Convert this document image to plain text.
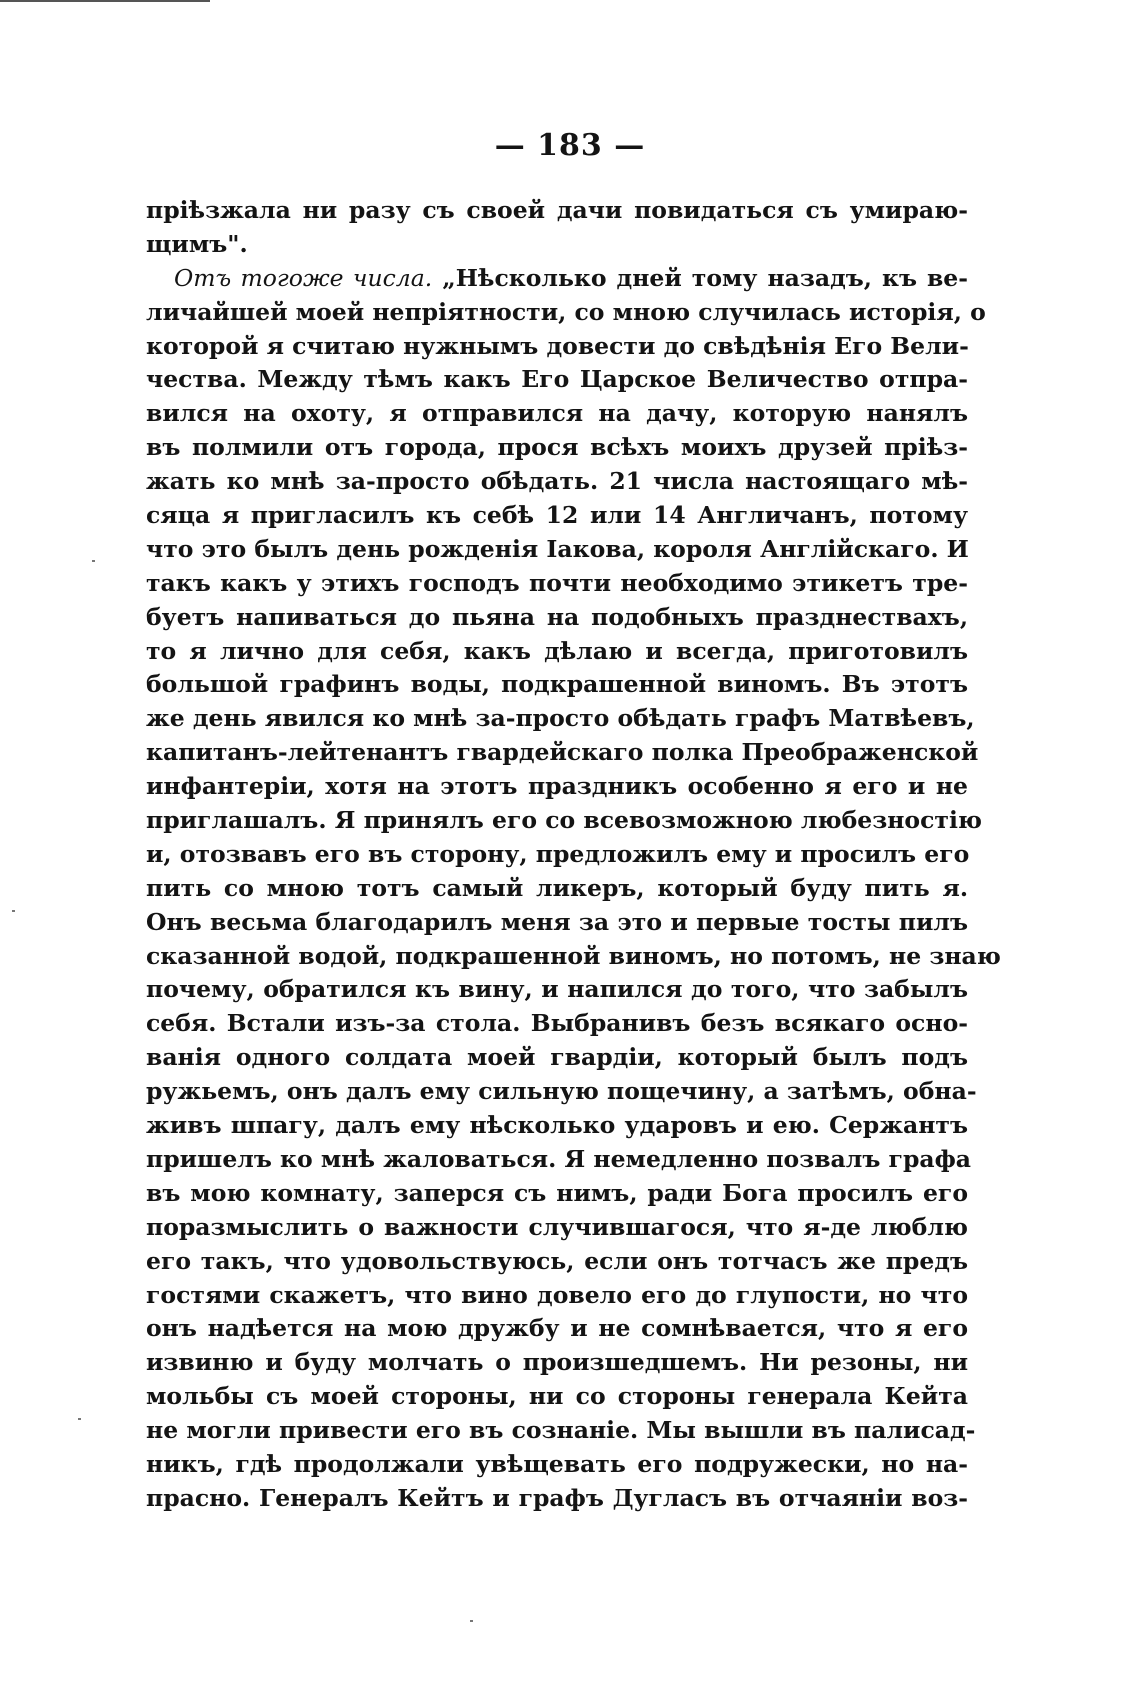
— 183 —
пріѣзжала ни разу съ своей дачи повидаться съ умираю-
щимъ".
Отъ тогоже числа. „Нѣсколько дней тому назадъ, къ ве-
личайшей моей непріятности, со мною случилась исторія, о
которой я считаю нужнымъ довести до свѣдѣнія Его Вели-
чества. Между тѣмъ какъ Его Царское Величество отпра-
вился на охоту, я отправился на дачу, которую нанялъ
въ полмили отъ города, прося всѣхъ моихъ друзей пріѣз-
жать ко мнѣ за-просто обѣдать. 21 числа настоящаго мѣ-
сяца я пригласилъ къ себѣ 12 или 14 Англичанъ, потому
что это былъ день рожденія Іакова, короля Англійскаго. И
такъ какъ у этихъ господъ почти необходимо этикетъ тре-
буетъ напиваться до пьяна на подобныхъ празднествахъ,
то я лично для себя, какъ дѣлаю и всегда, приготовилъ
большой графинъ воды, подкрашенной виномъ. Въ этотъ
же день явился ко мнѣ за-просто обѣдать графъ Матвѣевъ,
капитанъ-лейтенантъ гвардейскаго полка Преображенской
инфантеріи, хотя на этотъ праздникъ особенно я его и не
приглашалъ. Я принялъ его со всевозможною любезностію
и, отозвавъ его въ сторону, предложилъ ему и просилъ его
пить со мною тотъ самый ликеръ, который буду пить я.
Онъ весьма благодарилъ меня за это и первые тосты пилъ
сказанной водой, подкрашенной виномъ, но потомъ, не знаю
почему, обратился къ вину, и напился до того, что забылъ
себя. Встали изъ-за стола. Выбранивъ безъ всякаго осно-
ванія одного солдата моей гвардіи, который былъ подъ
ружьемъ, онъ далъ ему сильную пощечину, а затѣмъ, обна-
живъ шпагу, далъ ему нѣсколько ударовъ и ею. Сержантъ
пришелъ ко мнѣ жаловаться. Я немедленно позвалъ графа
въ мою комнату, заперся съ нимъ, ради Бога просилъ его
поразмыслить о важности случившагося, что я-де люблю
его такъ, что удовольствуюсь, если онъ тотчасъ же предъ
гостями скажетъ, что вино довело его до глупости, но что
онъ надѣется на мою дружбу и не сомнѣвается, что я его
извиню и буду молчать о произшедшемъ. Ни резоны, ни
мольбы съ моей стороны, ни со стороны генерала Кейта
не могли привести его въ сознаніе. Мы вышли въ палисад-
никъ, гдѣ продолжали увѣщевать его подружески, но на-
прасно. Генералъ Кейтъ и графъ Дугласъ въ отчаяніи воз-
